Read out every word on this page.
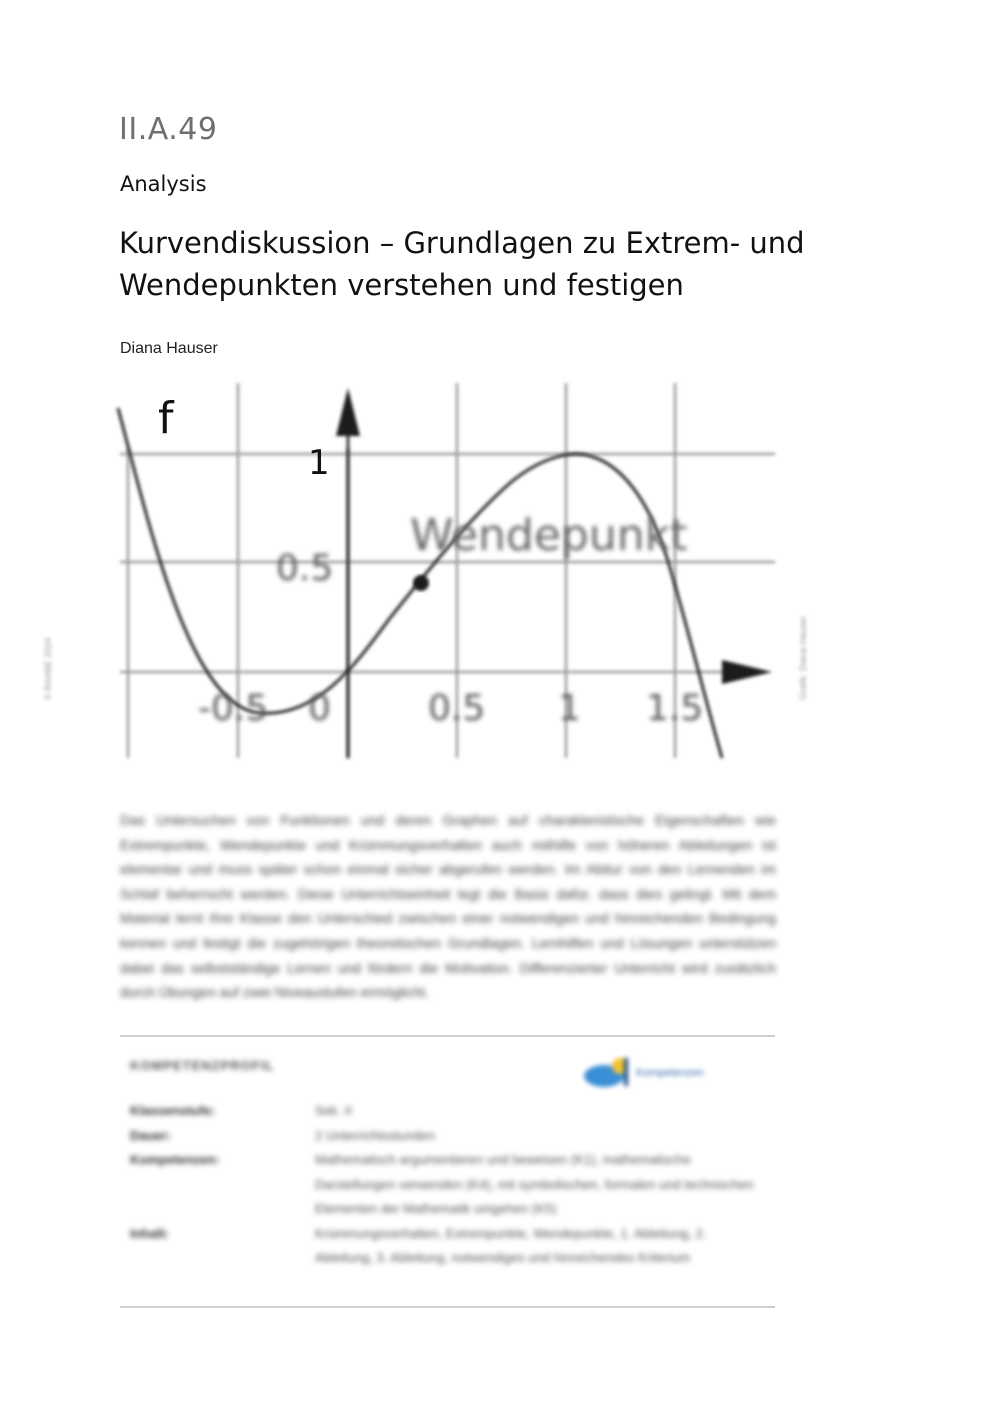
II.A.49
Analysis
Kurvendiskussion – Grundlagen zu Extrem- und
Wendepunkten verstehen und festigen
Diana Hauser
f
1
Wendepunkt
0.5
-0.5 0	0.5 1 1.5
© RAABE 2024	Grafik: Diana Hauser
Das Untersuchen von Funktionen und deren Graphen auf charakteristische Eigenschaften wie Extrempunkte, Wendepunkte und Krümmungsverhalten auch mithilfe von höheren Ableitungen ist elementar und muss später schon einmal sicher abgerufen werden. Im Abitur von den Lernenden im Schlaf beherrscht werden. Diese Unterrichtseinheit legt die Basis dafür, dass dies gelingt. Mit dem Material lernt Ihre Klasse den Unterschied zwischen einer notwendigen und hinreichenden Bedingung kennen und festigt die zugehörigen theoretischen Grundlagen. Lernhilfen und Lösungen unterstützen dabei das selbstständige Lernen und fördern die Motivation. Differenzierter Unterricht wird zusätzlich durch Übungen auf zwei Niveaustufen ermöglicht.
KOMPETENZPROFIL
Klassenstufe:	Sek. II
Dauer:	2 Unterrichtsstunden
Kompetenzen:	Mathematisch argumentieren und beweisen (K1), mathematische Darstellungen verwenden (K4), mit symbolischen, formalen und technischen Elementen der Mathematik umgehen (K5)
Inhalt:	Krümmungsverhalten, Extrempunkte, Wendepunkte, 1. Ableitung, 2. Ableitung, 3. Ableitung, notwendiges und hinreichendes Kriterium
Kompetenzen
